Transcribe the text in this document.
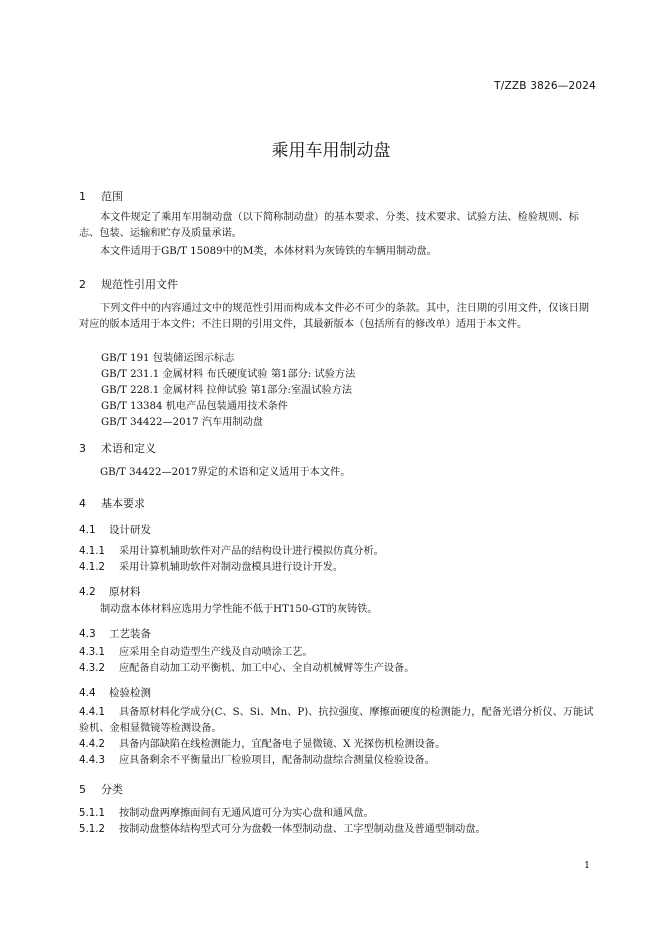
T/ZZB 3826—2024
乘用车用制动盘
1 范围
本文件规定了乘用车用制动盘（以下简称制动盘）的基本要求、分类、技术要求、试验方法、检验规则、标志、包装、运输和贮存及质量承诺。
本文件适用于GB/T 15089中的M类，本体材料为灰铸铁的车辆用制动盘。
2 规范性引用文件
下列文件中的内容通过文中的规范性引用而构成本文件必不可少的条款。其中，注日期的引用文件，仅该日期对应的版本适用于本文件；不注日期的引用文件，其最新版本（包括所有的修改单）适用于本文件。
GB/T 191 包装储运图示标志
GB/T 231.1 金属材料 布氏硬度试验 第1部分: 试验方法
GB/T 228.1 金属材料 拉伸试验 第1部分:室温试验方法
GB/T 13384 机电产品包装通用技术条件
GB/T 34422—2017 汽车用制动盘
3 术语和定义
GB/T 34422—2017界定的术语和定义适用于本文件。
4 基本要求
4.1 设计研发
4.1.1 采用计算机辅助软件对产品的结构设计进行模拟仿真分析。
4.1.2 采用计算机辅助软件对制动盘模具进行设计开发。
4.2 原材料
制动盘本体材料应选用力学性能不低于HT150-GT的灰铸铁。
4.3 工艺装备
4.3.1 应采用全自动造型生产线及自动喷涂工艺。
4.3.2 应配备自动加工动平衡机、加工中心、全自动机械臂等生产设备。
4.4 检验检测
4.4.1 具备原材料化学成分(C、S、Si、Mn、P)、抗拉强度、摩擦面硬度的检测能力，配备光谱分析仪、万能试验机、金相显微镜等检测设备。
4.4.2 具备内部缺陷在线检测能力，宜配备电子显微镜、X 光探伤机检测设备。
4.4.3 应具备剩余不平衡量出厂检验项目，配备制动盘综合测量仪检验设备。
5 分类
5.1.1 按制动盘两摩擦面间有无通风道可分为实心盘和通风盘。
5.1.2 按制动盘整体结构型式可分为盘毂一体型制动盘、工字型制动盘及普通型制动盘。
1
